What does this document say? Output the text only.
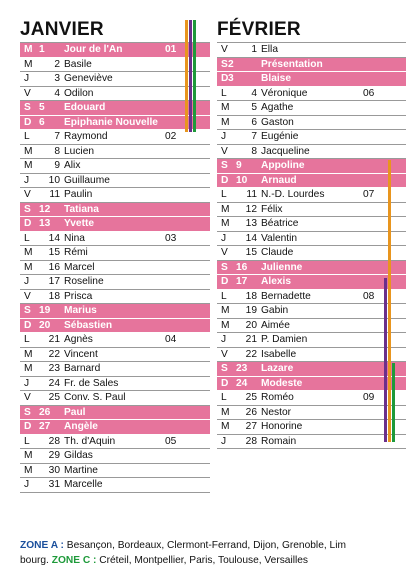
JANVIER
M 1	Jour de l'An	01
M	2 Basile
J	3 Geneviève
V	4 Odilon
S 5	Edouard
D 6	Epiphanie Nouvelle
L	7 Raymond	02
M	8 Lucien
M	9 Alix
J	10 Guillaume
V	11 Paulin
S 12	Tatiana
D 13	Yvette
L	14 Nina	03
M	15 Rémi
M	16 Marcel
J	17 Roseline
V	18 Prisca
S 19	Marius
D 20	Sébastien
L	21 Agnès	04
M	22 Vincent
M	23 Barnard
J	24 Fr. de Sales
V	25 Conv. S. Paul
S 26	Paul
D 27	Angèle
L	28 Th. d'Aquin	05
M	29 Gildas
M	30 Martine
J	31 Marcelle
FÉVRIER
V	1 Ella
S 2	Présentation
D 3	Blaise
L	4 Véronique	06
M	5 Agathe
M	6 Gaston
J	7 Eugénie
V	8 Jacqueline
S 9	Appoline
D 10	Arnaud
L	11 N.-D. Lourdes	07
M	12 Félix
M	13 Béatrice
J	14 Valentin
V	15 Claude
S 16	Julienne
D 17	Alexis
L	18 Bernadette	08
M	19 Gabin
M	20 Aimée
J	21 P. Damien
V	22 Isabelle
S 23	Lazare
D 24	Modeste
L	25 Roméo	09
M	26 Nestor
M	27 Honorine
J	28 Romain
ZONE A : Besançon, Bordeaux, Clermont-Ferrand, Dijon, Grenoble, Lim
bourg. ZONE C : Créteil, Montpellier, Paris, Toulouse, Versailles
